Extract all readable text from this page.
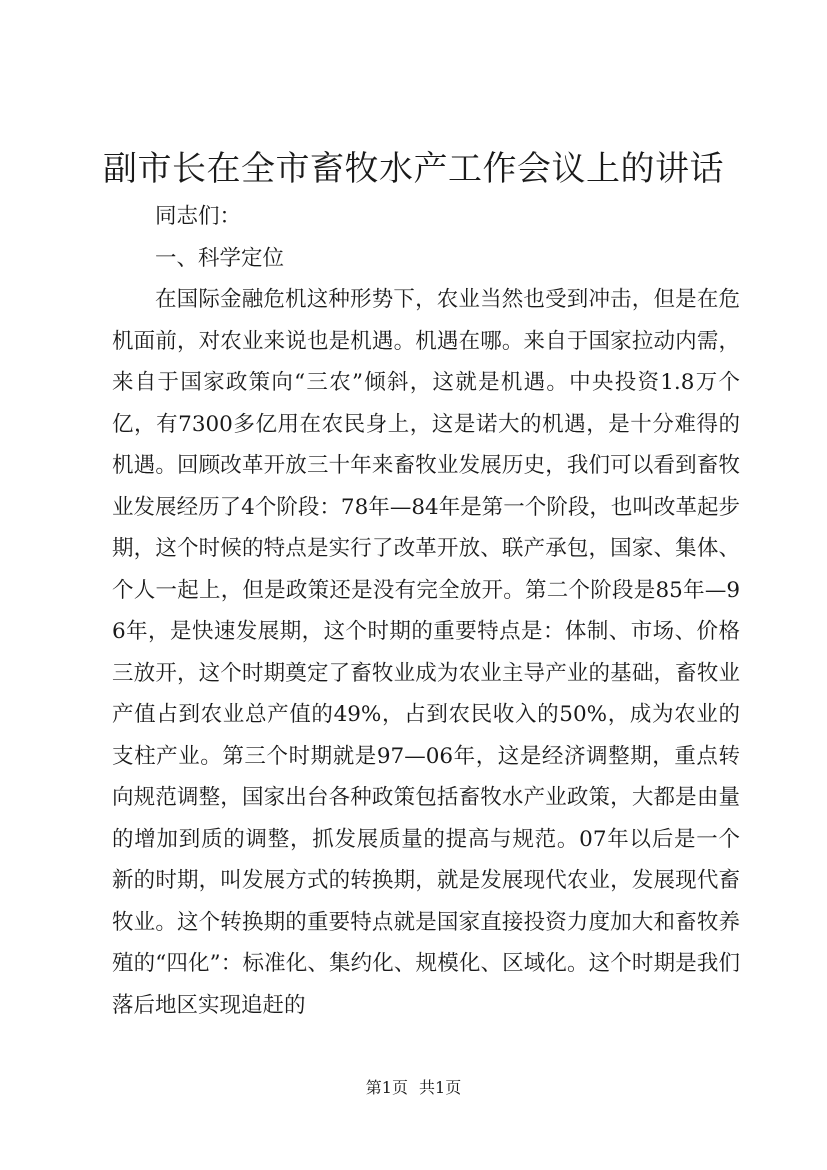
副市长在全市畜牧水产工作会议上的讲话

同志们：

一、科学定位

在国际金融危机这种形势下，农业当然也受到冲击，但是在危机面前，对农业来说也是机遇。机遇在哪。来自于国家拉动内需，来自于国家政策向“三农”倾斜，这就是机遇。中央投资1.8万个亿，有7300多亿用在农民身上，这是诺大的机遇，是十分难得的机遇。回顾改革开放三十年来畜牧业发展历史，我们可以看到畜牧业发展经历了4个阶段：78年—84年是第一个阶段，也叫改革起步期，这个时候的特点是实行了改革开放、联产承包，国家、集体、个人一起上，但是政策还是没有完全放开。第二个阶段是85年—96年，是快速发展期，这个时期的重要特点是：体制、市场、价格三放开，这个时期奠定了畜牧业成为农业主导产业的基础，畜牧业产值占到农业总产值的49%，占到农民收入的50%，成为农业的支柱产业。第三个时期就是97—06年，这是经济调整期，重点转向规范调整，国家出台各种政策包括畜牧水产业政策，大都是由量的增加到质的调整，抓发展质量的提高与规范。07年以后是一个新的时期，叫发展方式的转换期，就是发展现代农业，发展现代畜牧业。这个转换期的重要特点就是国家直接投资力度加大和畜牧养殖的“四化”：标准化、集约化、规模化、区域化。这个时期是我们落后地区实现追赶的

第1页 共1页
